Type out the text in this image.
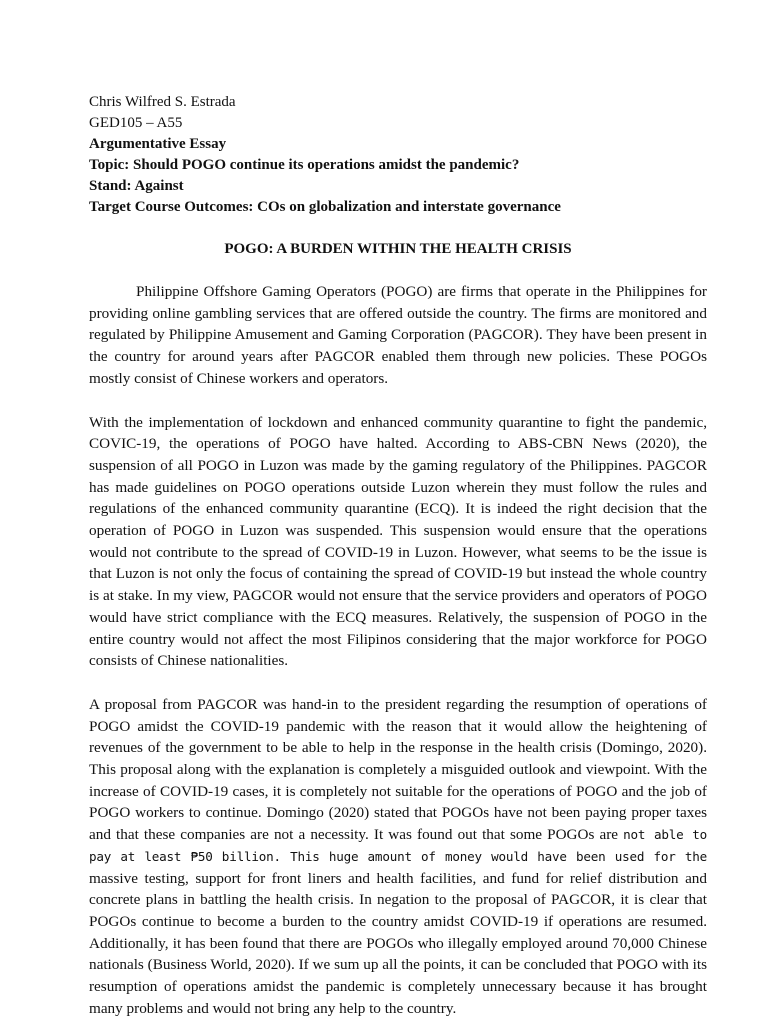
Chris Wilfred S. Estrada

GED105 – A55

Argumentative Essay

Topic: Should POGO continue its operations amidst the pandemic?

Stand: Against

Target Course Outcomes: COs on globalization and interstate governance

POGO: A BURDEN WITHIN THE HEALTH CRISIS

Philippine Offshore Gaming Operators (POGO) are firms that operate in the Philippines for providing online gambling services that are offered outside the country. The firms are monitored and regulated by Philippine Amusement and Gaming Corporation (PAGCOR). They have been present in the country for around years after PAGCOR enabled them through new policies. These POGOs mostly consist of Chinese workers and operators.

With the implementation of lockdown and enhanced community quarantine to fight the pandemic, COVIC-19, the operations of POGO have halted. According to ABS-CBN News (2020), the suspension of all POGO in Luzon was made by the gaming regulatory of the Philippines. PAGCOR has made guidelines on POGO operations outside Luzon wherein they must follow the rules and regulations of the enhanced community quarantine (ECQ). It is indeed the right decision that the operation of POGO in Luzon was suspended. This suspension would ensure that the operations would not contribute to the spread of COVID-19 in Luzon. However, what seems to be the issue is that Luzon is not only the focus of containing the spread of COVID-19 but instead the whole country is at stake. In my view, PAGCOR would not ensure that the service providers and operators of POGO would have strict compliance with the ECQ measures. Relatively, the suspension of POGO in the entire country would not affect the most Filipinos considering that the major workforce for POGO consists of Chinese nationalities.

A proposal from PAGCOR was hand-in to the president regarding the resumption of operations of POGO amidst the COVID-19 pandemic with the reason that it would allow the heightening of revenues of the government to be able to help in the response in the health crisis (Domingo, 2020). This proposal along with the explanation is completely a misguided outlook and viewpoint. With the increase of COVID-19 cases, it is completely not suitable for the operations of POGO and the job of POGO workers to continue. Domingo (2020) stated that POGOs have not been paying proper taxes and that these companies are not a necessity. It was found out that some POGOs are not able to pay at least ₱50 billion. This huge amount of money would have been used for the massive testing, support for front liners and health facilities, and fund for relief distribution and concrete plans in battling the health crisis. In negation to the proposal of PAGCOR, it is clear that POGOs continue to become a burden to the country amidst COVID-19 if operations are resumed. Additionally, it has been found that there are POGOs who illegally employed around 70,000 Chinese nationals (Business World, 2020). If we sum up all the points, it can be concluded that POGO with its resumption of operations amidst the pandemic is completely unnecessary because it has brought many problems and would not bring any help to the country.
